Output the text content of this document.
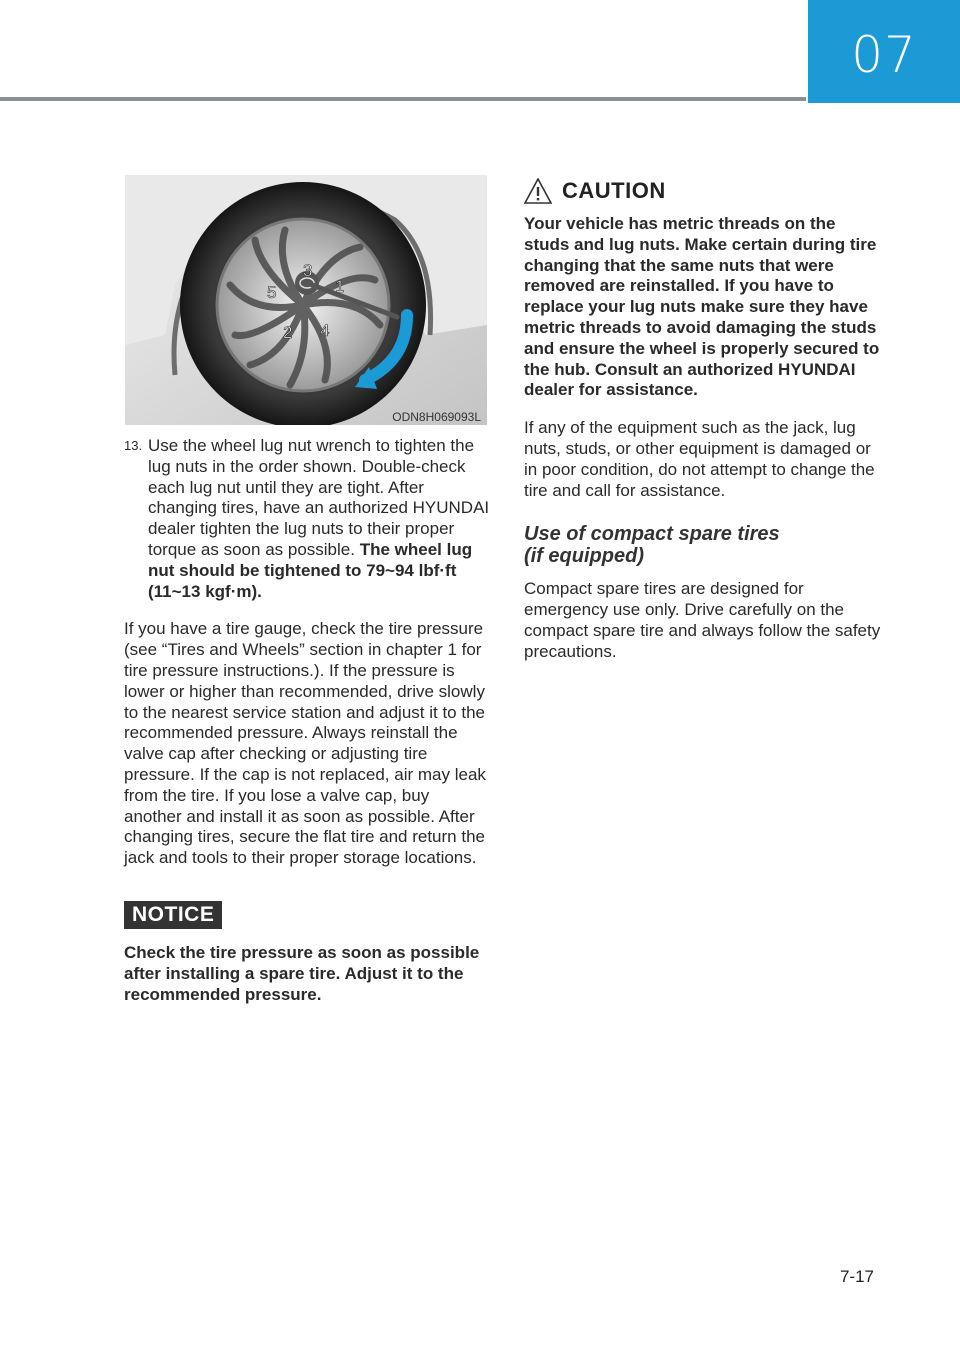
07
1
2
3
4
5
ODN8H069093L
13. Use the wheel lug nut wrench to tighten the lug nuts in the order shown. Double-check each lug nut until they are tight. After changing tires, have an authorized HYUNDAI dealer tighten the lug nuts to their proper torque as soon as possible. The wheel lug nut should be tightened to 79~94 lbf·ft (11~13 kgf·m).

If you have a tire gauge, check the tire pressure (see “Tires and Wheels” section in chapter 1 for tire pressure instructions.). If the pressure is lower or higher than recommended, drive slowly to the nearest service station and adjust it to the recommended pressure. Always reinstall the valve cap after checking or adjusting tire pressure. If the cap is not replaced, air may leak from the tire. If you lose a valve cap, buy another and install it as soon as possible. After changing tires, secure the flat tire and return the jack and tools to their proper storage locations.

NOTICE

Check the tire pressure as soon as possible after installing a spare tire. Adjust it to the recommended pressure.

CAUTION

Your vehicle has metric threads on the studs and lug nuts. Make certain during tire changing that the same nuts that were removed are reinstalled. If you have to replace your lug nuts make sure they have metric threads to avoid damaging the studs and ensure the wheel is properly secured to the hub. Consult an authorized HYUNDAI dealer for assistance.

If any of the equipment such as the jack, lug nuts, studs, or other equipment is damaged or in poor condition, do not attempt to change the tire and call for assistance.

Use of compact spare tires
(if equipped)

Compact spare tires are designed for emergency use only. Drive carefully on the compact spare tire and always follow the safety precautions.

7-17
